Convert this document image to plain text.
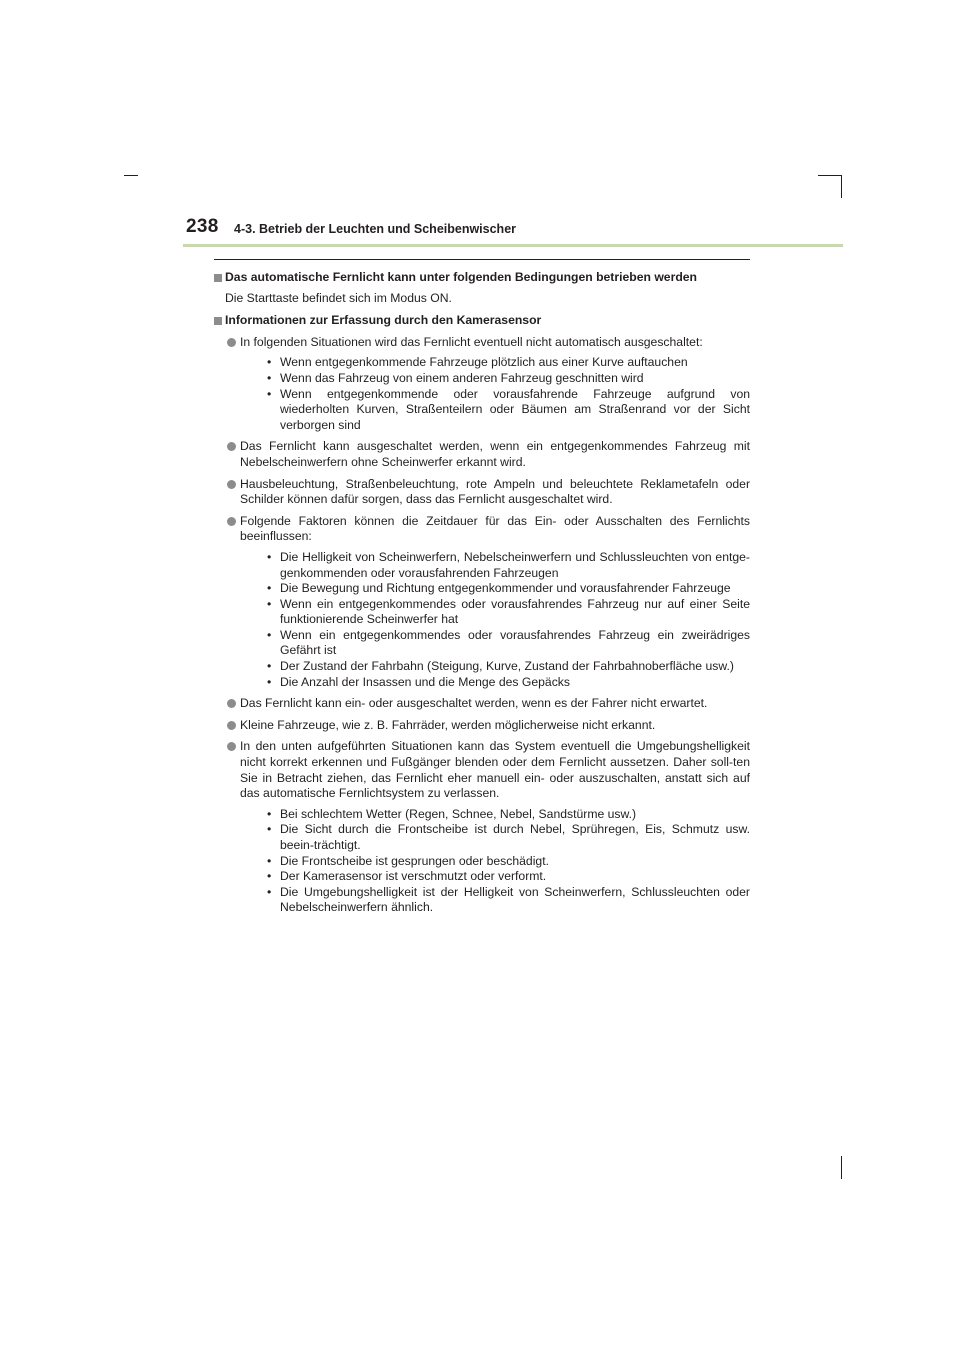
238 4-3. Betrieb der Leuchten und Scheibenwischer

Das automatische Fernlicht kann unter folgenden Bedingungen betrieben werden

Die Starttaste befindet sich im Modus ON.

Informationen zur Erfassung durch den Kamerasensor

In folgenden Situationen wird das Fernlicht eventuell nicht automatisch ausgeschaltet:
• Wenn entgegenkommende Fahrzeuge plötzlich aus einer Kurve auftauchen
• Wenn das Fahrzeug von einem anderen Fahrzeug geschnitten wird
• Wenn entgegenkommende oder vorausfahrende Fahrzeuge aufgrund von wiederholten Kurven, Straßenteilern oder Bäumen am Straßenrand vor der Sicht verborgen sind
Das Fernlicht kann ausgeschaltet werden, wenn ein entgegenkommendes Fahrzeug mit Nebelscheinwerfern ohne Scheinwerfer erkannt wird.
Hausbeleuchtung, Straßenbeleuchtung, rote Ampeln und beleuchtete Reklametafeln oder Schilder können dafür sorgen, dass das Fernlicht ausgeschaltet wird.
Folgende Faktoren können die Zeitdauer für das Ein- oder Ausschalten des Fernlichts beeinflussen:
• Die Helligkeit von Scheinwerfern, Nebelscheinwerfern und Schlussleuchten von entge-genkommenden oder vorausfahrenden Fahrzeugen
• Die Bewegung und Richtung entgegenkommender und vorausfahrender Fahrzeuge
• Wenn ein entgegenkommendes oder vorausfahrendes Fahrzeug nur auf einer Seite funktionierende Scheinwerfer hat
• Wenn ein entgegenkommendes oder vorausfahrendes Fahrzeug ein zweirädriges Gefährt ist
• Der Zustand der Fahrbahn (Steigung, Kurve, Zustand der Fahrbahnoberfläche usw.)
• Die Anzahl der Insassen und die Menge des Gepäcks
Das Fernlicht kann ein- oder ausgeschaltet werden, wenn es der Fahrer nicht erwartet.
Kleine Fahrzeuge, wie z. B. Fahrräder, werden möglicherweise nicht erkannt.
In den unten aufgeführten Situationen kann das System eventuell die Umgebungshelligkeit nicht korrekt erkennen und Fußgänger blenden oder dem Fernlicht aussetzen. Daher soll-ten Sie in Betracht ziehen, das Fernlicht eher manuell ein- oder auszuschalten, anstatt sich auf das automatische Fernlichtsystem zu verlassen.
• Bei schlechtem Wetter (Regen, Schnee, Nebel, Sandstürme usw.)
• Die Sicht durch die Frontscheibe ist durch Nebel, Sprühregen, Eis, Schmutz usw. beein-trächtigt.
• Die Frontscheibe ist gesprungen oder beschädigt.
• Der Kamerasensor ist verschmutzt oder verformt.
• Die Umgebungshelligkeit ist der Helligkeit von Scheinwerfern, Schlussleuchten oder Nebelscheinwerfern ähnlich.
